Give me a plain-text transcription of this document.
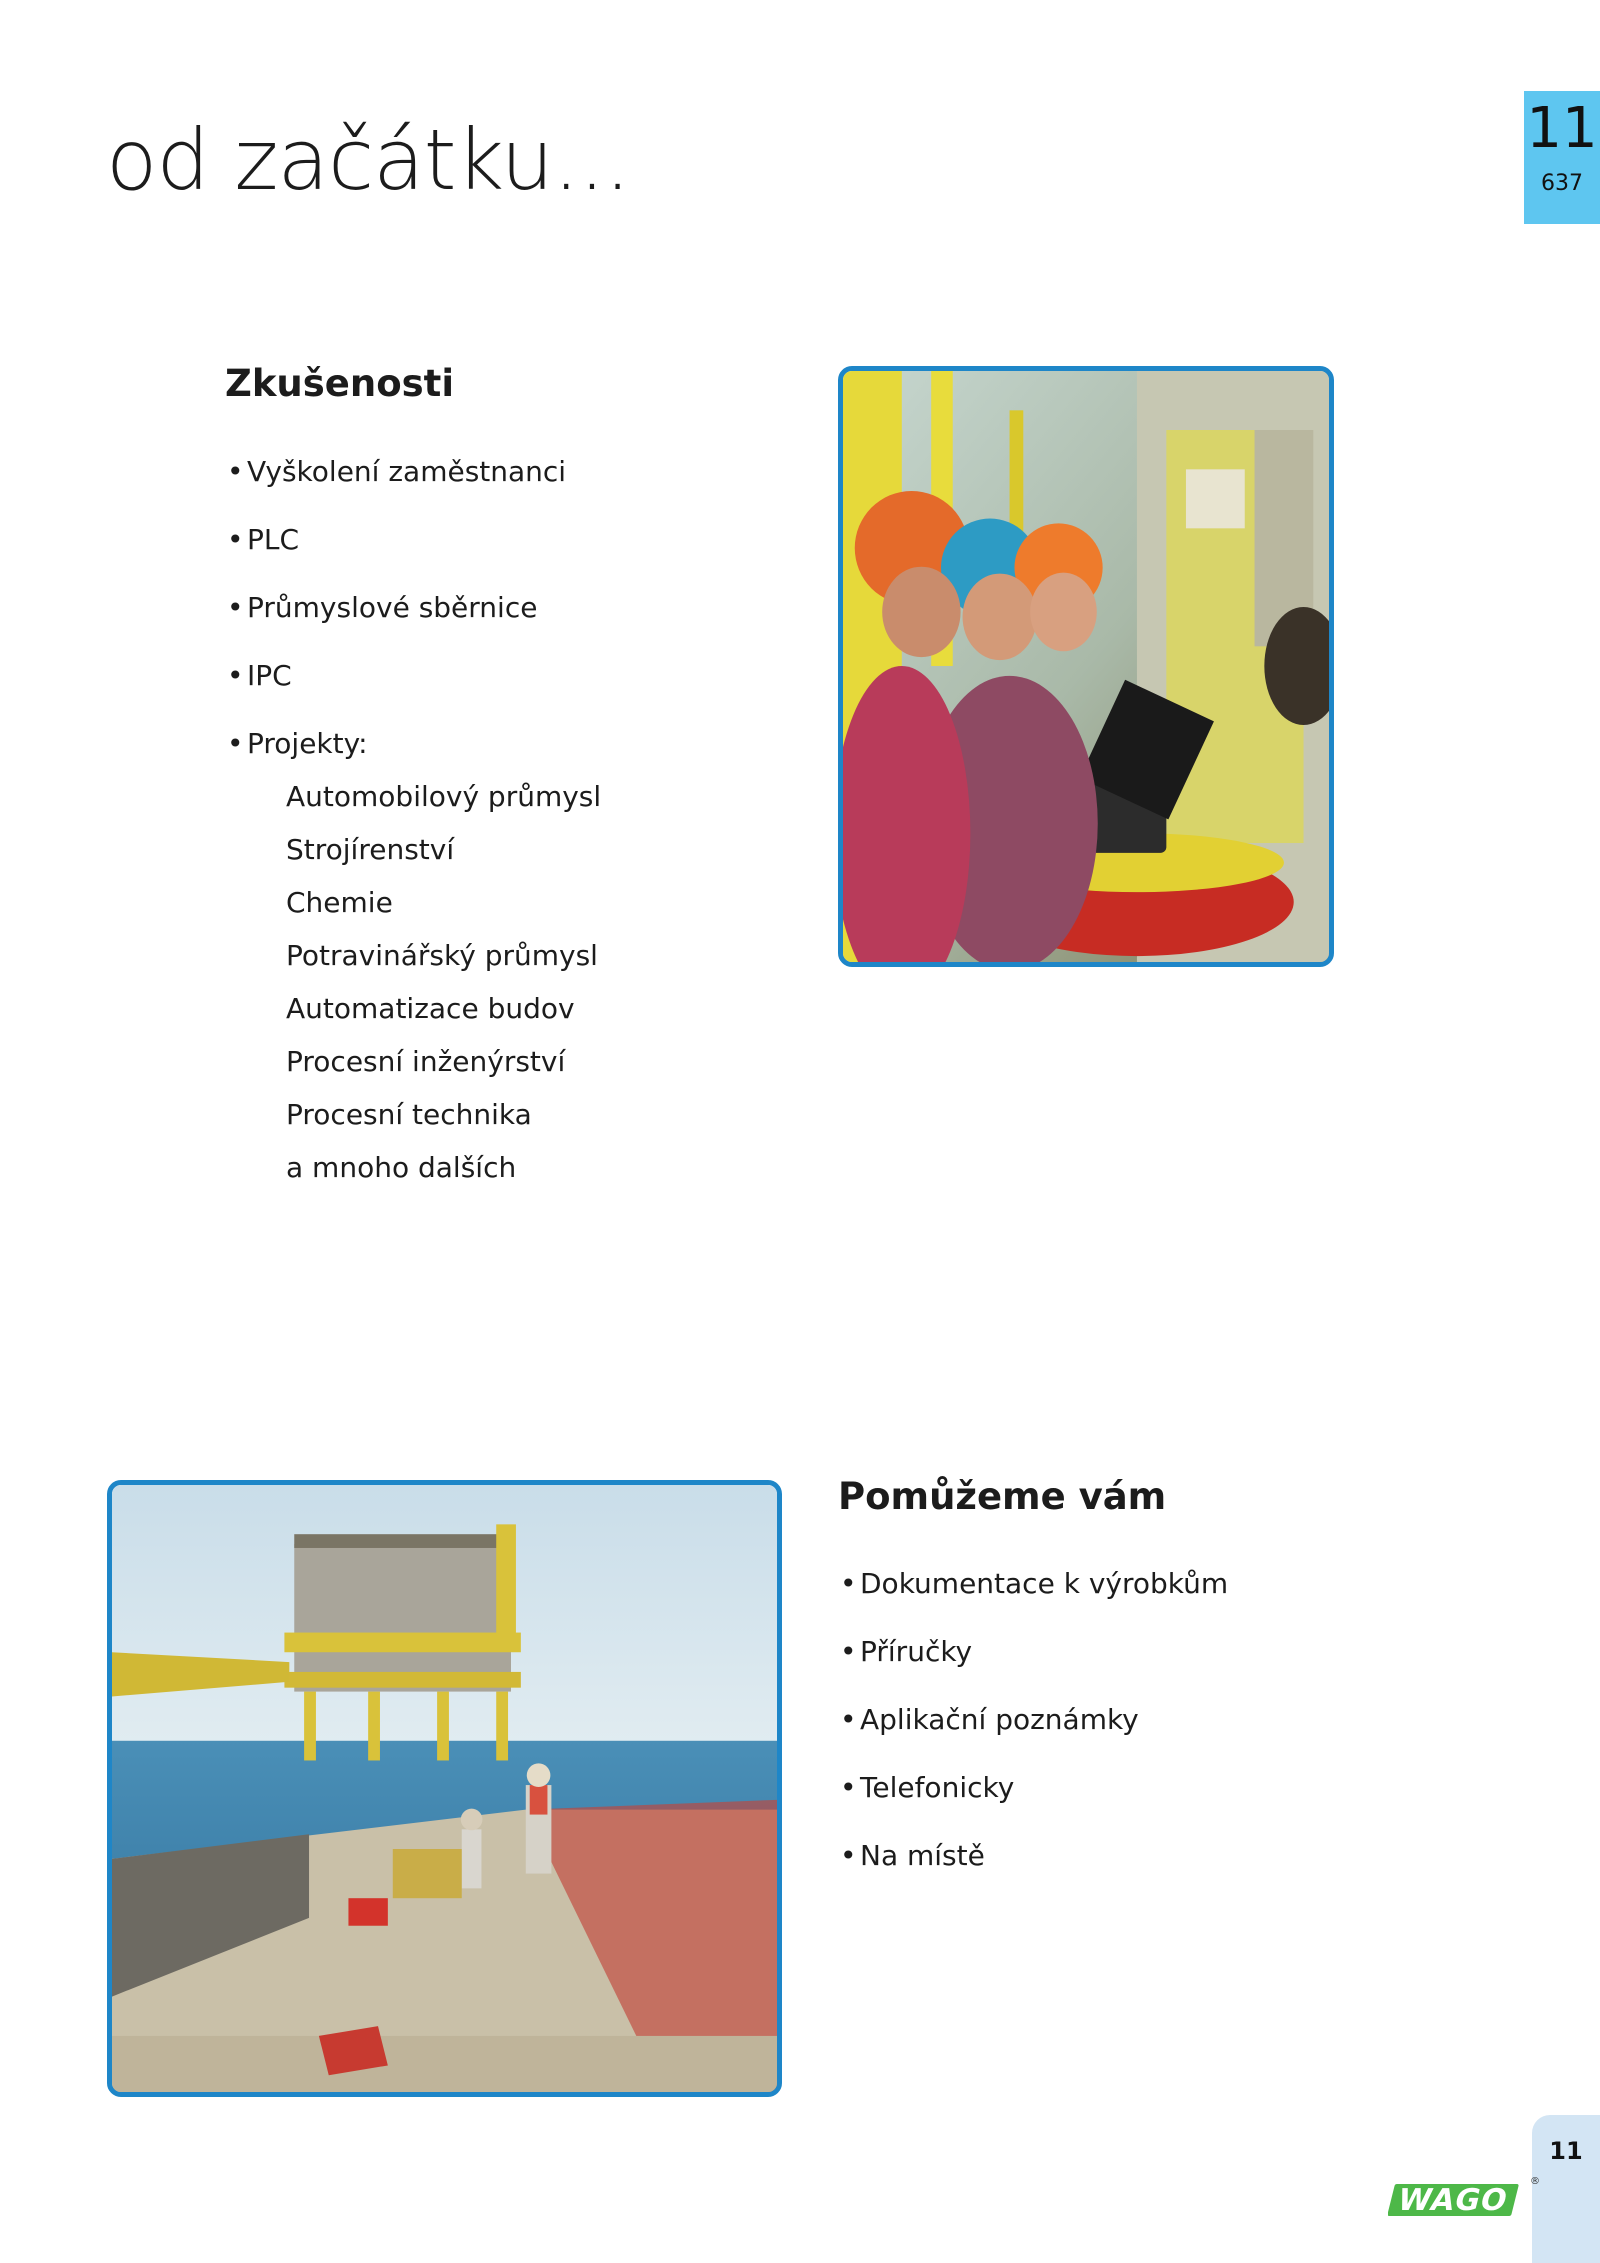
od začátku...	11
637
Zkušenosti
• Vyškolení zaměstnanci
• PLC
• Průmyslové sběrnice
• IPC
• Projekty:
Automobilový průmysl
Strojírenství
Chemie
Potravinářský průmysl
Automatizace budov
Procesní inženýrství
Procesní technika
a mnoho dalších
Pomůžeme vám
• Dokumentace k výrobkům
• Příručky
• Aplikační poznámky
• Telefonicky
• Na místě
11
WAGO
®
